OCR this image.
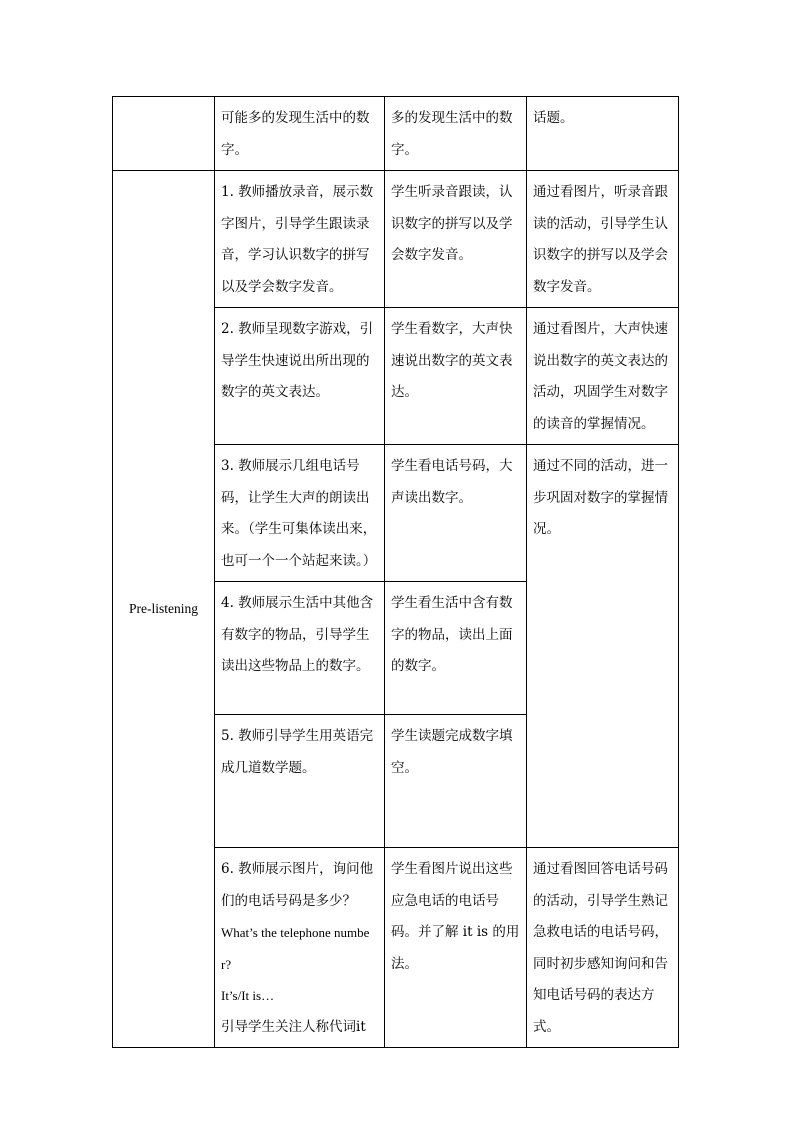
	可能多的发现生活中的数字。	多的发现生活中的数字。	话题。
Pre-listening	1. 教师播放录音，展示数字图片，引导学生跟读录音，学习认识数字的拼写以及学会数字发音。	学生听录音跟读，认识数字的拼写以及学会数字发音。	通过看图片，听录音跟读的活动，引导学生认识数字的拼写以及学会数字发音。
	2. 教师呈现数字游戏，引导学生快速说出所出现的数字的英文表达。	学生看数字，大声快速说出数字的英文表达。	通过看图片，大声快速说出数字的英文表达的活动，巩固学生对数字的读音的掌握情况。
	3. 教师展示几组电话号码，让学生大声的朗读出来。（学生可集体读出来，也可一个一个站起来读。）	学生看电话号码，大声读出数字。	通过不同的活动，进一步巩固对数字的掌握情况。
	4. 教师展示生活中其他含有数字的物品，引导学生读出这些物品上的数字。	学生看生活中含有数字的物品，读出上面的数字。	
	5. 教师引导学生用英语完成几道数学题。	学生读题完成数字填空。	

	6. 教师展示图片，询问他们的电话号码是多少？
What’s the telephone number?
It’s/It is…
引导学生关注人称代词it	学生看图片说出这些应急电话的电话号码。并了解 it is 的用法。	通过看图回答电话号码的活动，引导学生熟记急救电话的电话号码，同时初步感知询问和告知电话号码的表达方式。
